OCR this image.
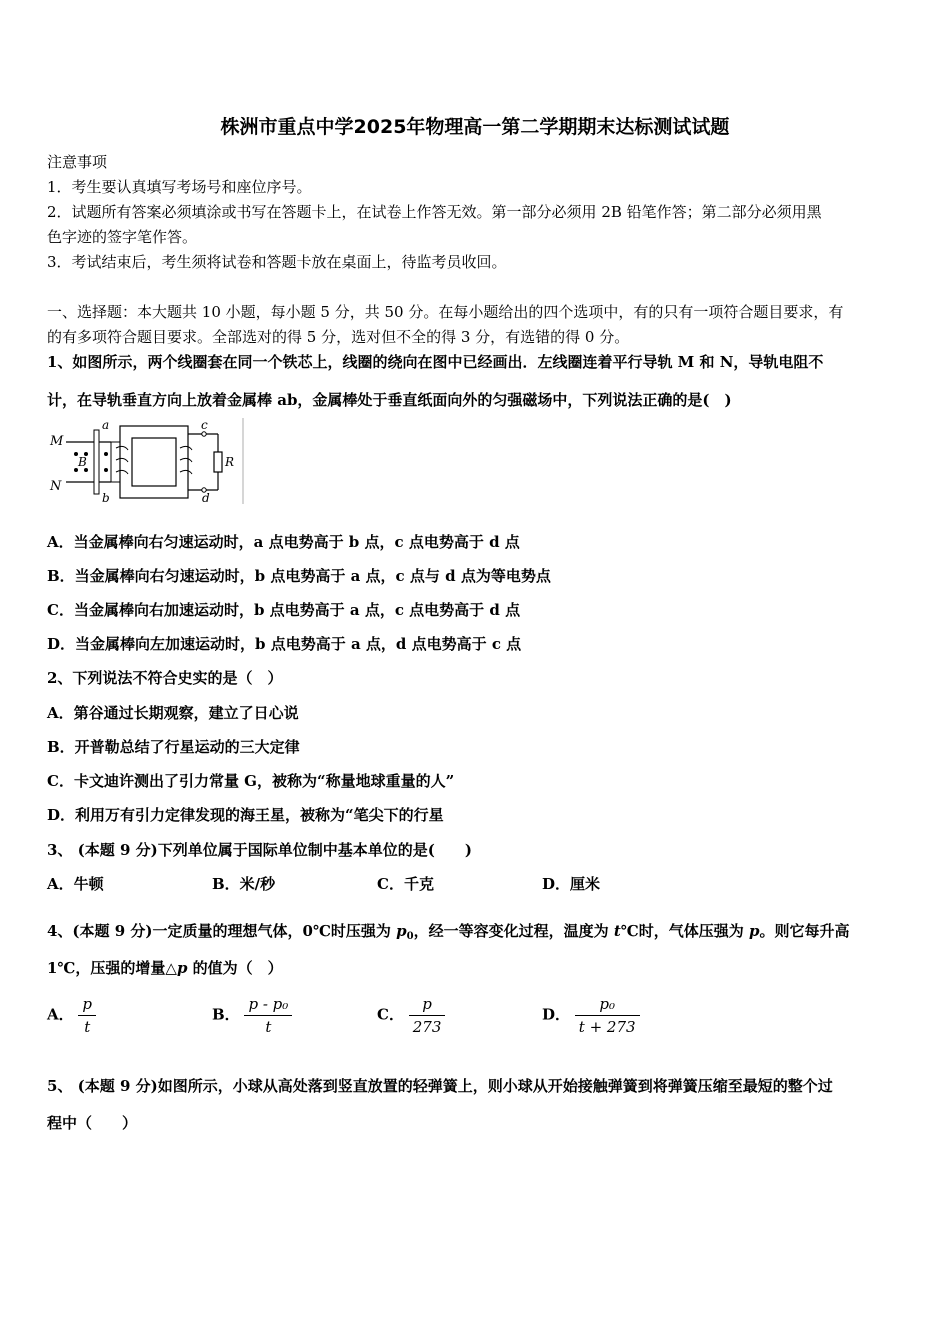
株洲市重点中学2025年物理高一第二学期期末达标测试试题
注意事项
1．考生要认真填写考场号和座位序号。
2．试题所有答案必须填涂或书写在答题卡上，在试卷上作答无效。第一部分必须用 2B 铅笔作答；第二部分必须用黑
色字迹的签字笔作答。
3．考试结束后，考生须将试卷和答题卡放在桌面上，待监考员收回。
一、选择题：本大题共 10 小题，每小题 5 分，共 50 分。在每小题给出的四个选项中，有的只有一项符合题目要求，有
的有多项符合题目要求。全部选对的得 5 分，选对但不全的得 3 分，有选错的得 0 分。
1、如图所示，两个线圈套在同一个铁芯上，线圈的绕向在图中已经画出．左线圈连着平行导轨 M 和 N，导轨电阻不
计，在导轨垂直方向上放着金属棒 ab，金属棒处于垂直纸面向外的匀强磁场中，下列说法正确的是(　)
M
N
B
a
b
c
d
R
A．当金属棒向右匀速运动时，a 点电势高于 b 点，c 点电势高于 d 点
B．当金属棒向右匀速运动时，b 点电势高于 a 点，c 点与 d 点为等电势点
C．当金属棒向右加速运动时，b 点电势高于 a 点，c 点电势高于 d 点
D．当金属棒向左加速运动时，b 点电势高于 a 点，d 点电势高于 c 点
2、下列说法不符合史实的是（　）
A．第谷通过长期观察，建立了日心说
B．开普勒总结了行星运动的三大定律
C．卡文迪许测出了引力常量 G，被称为“称量地球重量的人”
D．利用万有引力定律发现的海王星，被称为“笔尖下的行星
3、 (本题 9 分)下列单位属于国际单位制中基本单位的是(　　)
A．牛顿	B．米/秒	C．千克	D．厘米
4、(本题 9 分)一定质量的理想气体，0℃时压强为 $p_0$，经一等容变化过程，温度为 t℃时，气体压强为 p。则它每升高
1℃，压强的增量△p 的值为（　）
A． $\frac{p}{t}$	B． $\frac{\text{p - p₀}}{t}$	C． $\frac{p}{273}$	D． $\frac{\text{p₀}}{t + 273}$
5、 (本题 9 分)如图所示，小球从高处落到竖直放置的轻弹簧上，则小球从开始接触弹簧到将弹簧压缩至最短的整个过
程中（　　）
